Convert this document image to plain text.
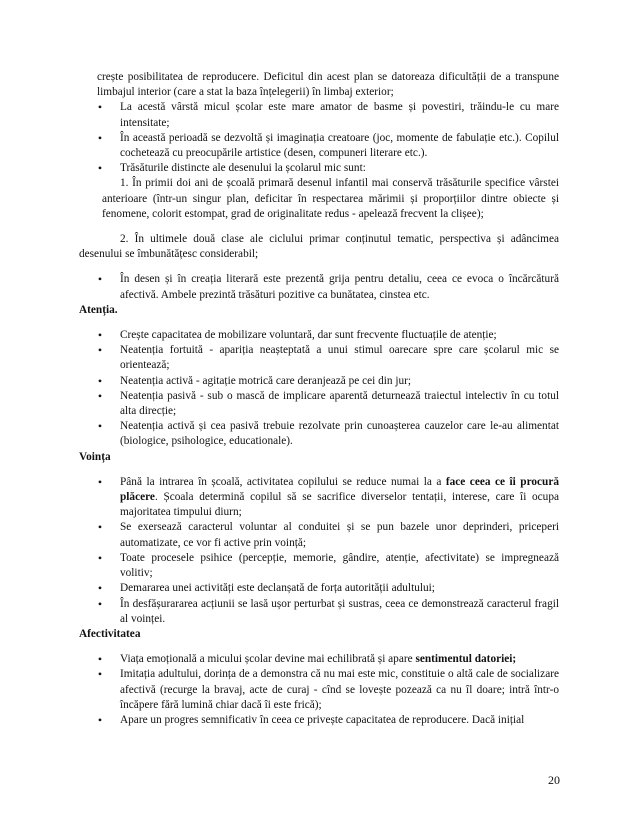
crește posibilitatea de reproducere. Deficitul din acest plan se datoreaza dificultății de a transpune limbajul interior (care a stat la baza înțelegerii) în limbaj exterior;

•
La acestă vârstă micul școlar este mare amator de basme și povestiri, trăindu-le cu mare intensitate;
•
În această perioadă se dezvoltă și imaginația creatoare (joc, momente de fabulație etc.). Copilul cochetează cu preocupările artistice (desen, compuneri literare etc.).
•
Trăsăturile distincte ale desenului la școlarul mic sunt:

1. În primii doi ani de școală primară desenul infantil mai conservă trăsăturile specifice vârstei anterioare (într-un singur plan, deficitar în respectarea mărimii și proporțiilor dintre obiecte și fenomene, colorit estompat, grad de originalitate redus - apelează frecvent la clișee);

2. În ultimele două clase ale ciclului primar conținutul tematic, perspectiva și adâncimea desenului se îmbunătățesc considerabil;

•
În desen și în creația literară este prezentă grija pentru detaliu, ceea ce evoca o încărcătură afectivă. Ambele prezintă trăsături pozitive ca bunătatea, cinstea etc.

Atenția.

•
Crește capacitatea de mobilizare voluntară, dar sunt frecvente fluctuațile de atenție;
•
Neatenția fortuită - apariția neașteptată a unui stimul oarecare spre care școlarul mic se orientează;
•
Neatenția activă - agitație motrică care deranjează pe cei din jur;
•
Neatenția pasivă - sub o mască de implicare aparentă deturnează traiectul intelectiv în cu totul alta direcție;
•
Neatenția activă și cea pasivă trebuie rezolvate prin cunoașterea cauzelor care le-au alimentat (biologice, psihologice, educationale).

Voința

•
Până la intrarea în școală, activitatea copilului se reduce numai la a face ceea ce îi procură plăcere. Școala determină copilul să se sacrifice diverselor tentații, interese, care îi ocupa majoritatea timpului diurn;
•
Se exersează caracterul voluntar al conduitei și se pun bazele unor deprinderi, priceperi automatizate, ce vor fi active prin voință;
•
Toate procesele psihice (percepție, memorie, gândire, atenție, afectivitate) se impregnează volitiv;
•
Demararea unei activități este declanșată de forța autorității adultului;
•
În desfășurararea acțiunii se lasă ușor perturbat și sustras, ceea ce demonstrează caracterul fragil al voinței.

Afectivitatea

•
Viața emoțională a micului școlar devine mai echilibrată și apare sentimentul datoriei;
•
Imitația adultului, dorința de a demonstra că nu mai este mic, constituie o altă cale de socializare afectivă (recurge la bravaj, acte de curaj - cînd se lovește pozează ca nu îl doare; intră într-o încăpere fără lumină chiar dacă îi este frică);
•
Apare un progres semnificativ în ceea ce privește capacitatea de reproducere. Dacă inițial
20
